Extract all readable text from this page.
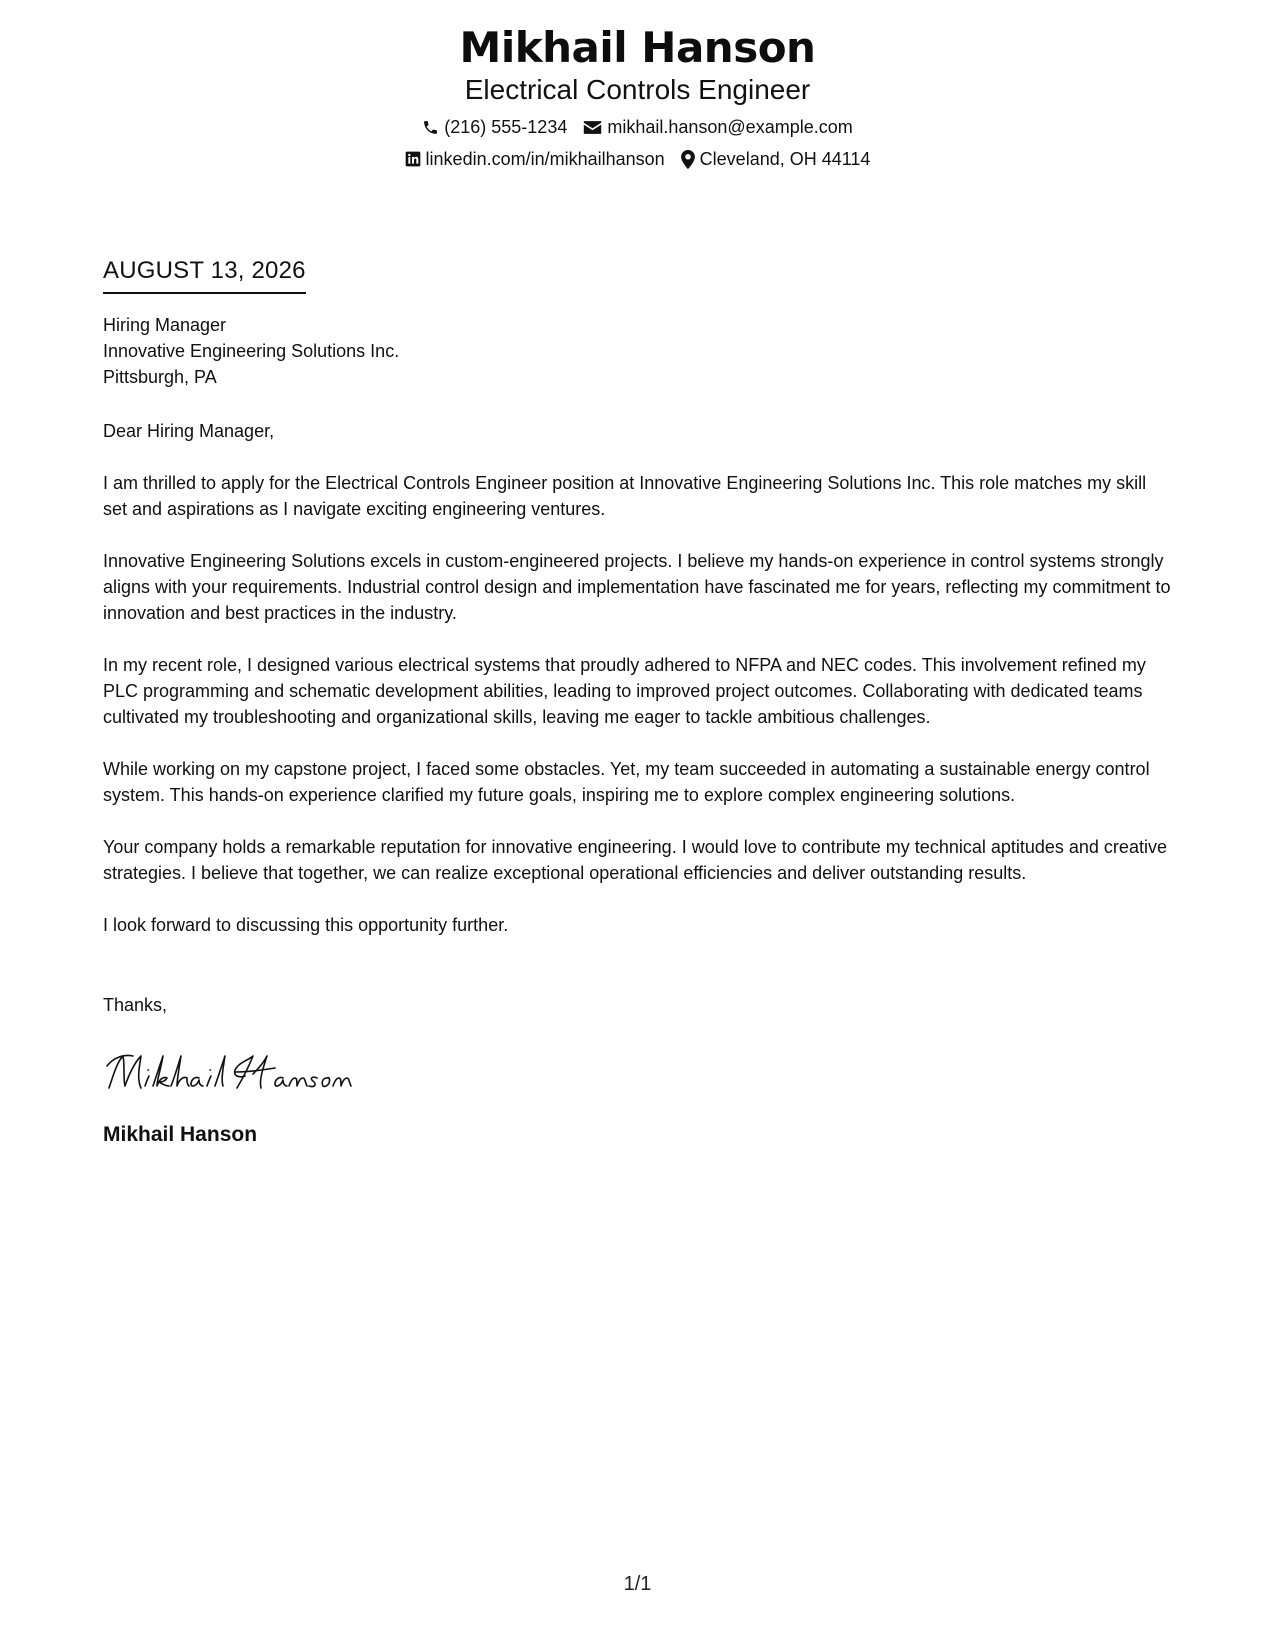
Mikhail Hanson
Electrical Controls Engineer
(216) 555-1234 mikhail.hanson@example.com
linkedin.com/in/mikhailhanson Cleveland, OH 44114
AUGUST 13, 2026
Hiring Manager
Innovative Engineering Solutions Inc.
Pittsburgh, PA
Dear Hiring Manager,
I am thrilled to apply for the Electrical Controls Engineer position at Innovative Engineering Solutions Inc. This role matches my skill set and aspirations as I navigate exciting engineering ventures.
Innovative Engineering Solutions excels in custom-engineered projects. I believe my hands-on experience in control systems strongly aligns with your requirements. Industrial control design and implementation have fascinated me for years, reflecting my commitment to innovation and best practices in the industry.
In my recent role, I designed various electrical systems that proudly adhered to NFPA and NEC codes. This involvement refined my PLC programming and schematic development abilities, leading to improved project outcomes. Collaborating with dedicated teams cultivated my troubleshooting and organizational skills, leaving me eager to tackle ambitious challenges.
While working on my capstone project, I faced some obstacles. Yet, my team succeeded in automating a sustainable energy control system. This hands-on experience clarified my future goals, inspiring me to explore complex engineering solutions.
Your company holds a remarkable reputation for innovative engineering. I would love to contribute my technical aptitudes and creative strategies. I believe that together, we can realize exceptional operational efficiencies and deliver outstanding results.
I look forward to discussing this opportunity further.
Thanks,
Mikhail Hanson
1/1
